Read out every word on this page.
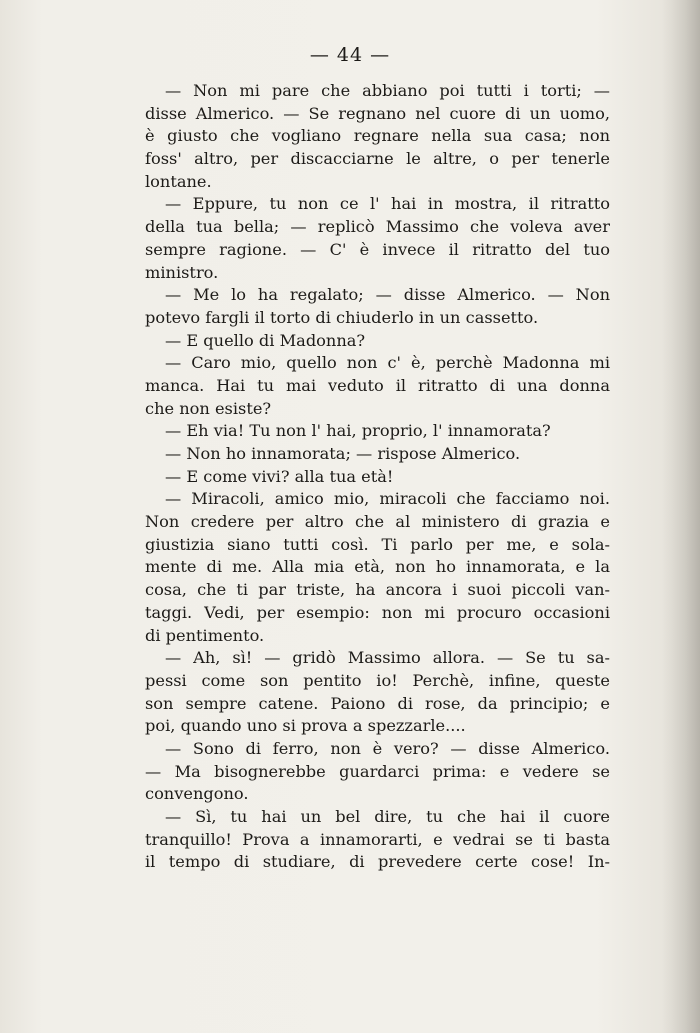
— 44 —
— Non mi pare che abbiano poi tutti i torti; —
disse Almerico. — Se regnano nel cuore di un uomo,
è giusto che vogliano regnare nella sua casa; non
foss' altro, per discacciarne le altre, o per tenerle
lontane.
— Eppure, tu non ce l' hai in mostra, il ritratto
della tua bella; — replicò Massimo che voleva aver
sempre ragione. — C' è invece il ritratto del tuo
ministro.
— Me lo ha regalato; — disse Almerico. — Non
potevo fargli il torto di chiuderlo in un cassetto.
— E quello di Madonna?
— Caro mio, quello non c' è, perchè Madonna mi
manca. Hai tu mai veduto il ritratto di una donna
che non esiste?
— Eh via! Tu non l' hai, proprio, l' innamorata?
— Non ho innamorata; — rispose Almerico.
— E come vivi? alla tua età!
— Miracoli, amico mio, miracoli che facciamo noi.
Non credere per altro che al ministero di grazia e
giustizia siano tutti così. Ti parlo per me, e sola-
mente di me. Alla mia età, non ho innamorata, e la
cosa, che ti par triste, ha ancora i suoi piccoli van-
taggi. Vedi, per esempio: non mi procuro occasioni
di pentimento.
— Ah, sì! — gridò Massimo allora. — Se tu sa-
pessi come son pentito io! Perchè, infine, queste
son sempre catene. Paiono di rose, da principio; e
poi, quando uno si prova a spezzarle....
— Sono di ferro, non è vero? — disse Almerico.
— Ma bisognerebbe guardarci prima: e vedere se
convengono.
— Sì, tu hai un bel dire, tu che hai il cuore
tranquillo! Prova a innamorarti, e vedrai se ti basta
il tempo di studiare, di prevedere certe cose! In-
